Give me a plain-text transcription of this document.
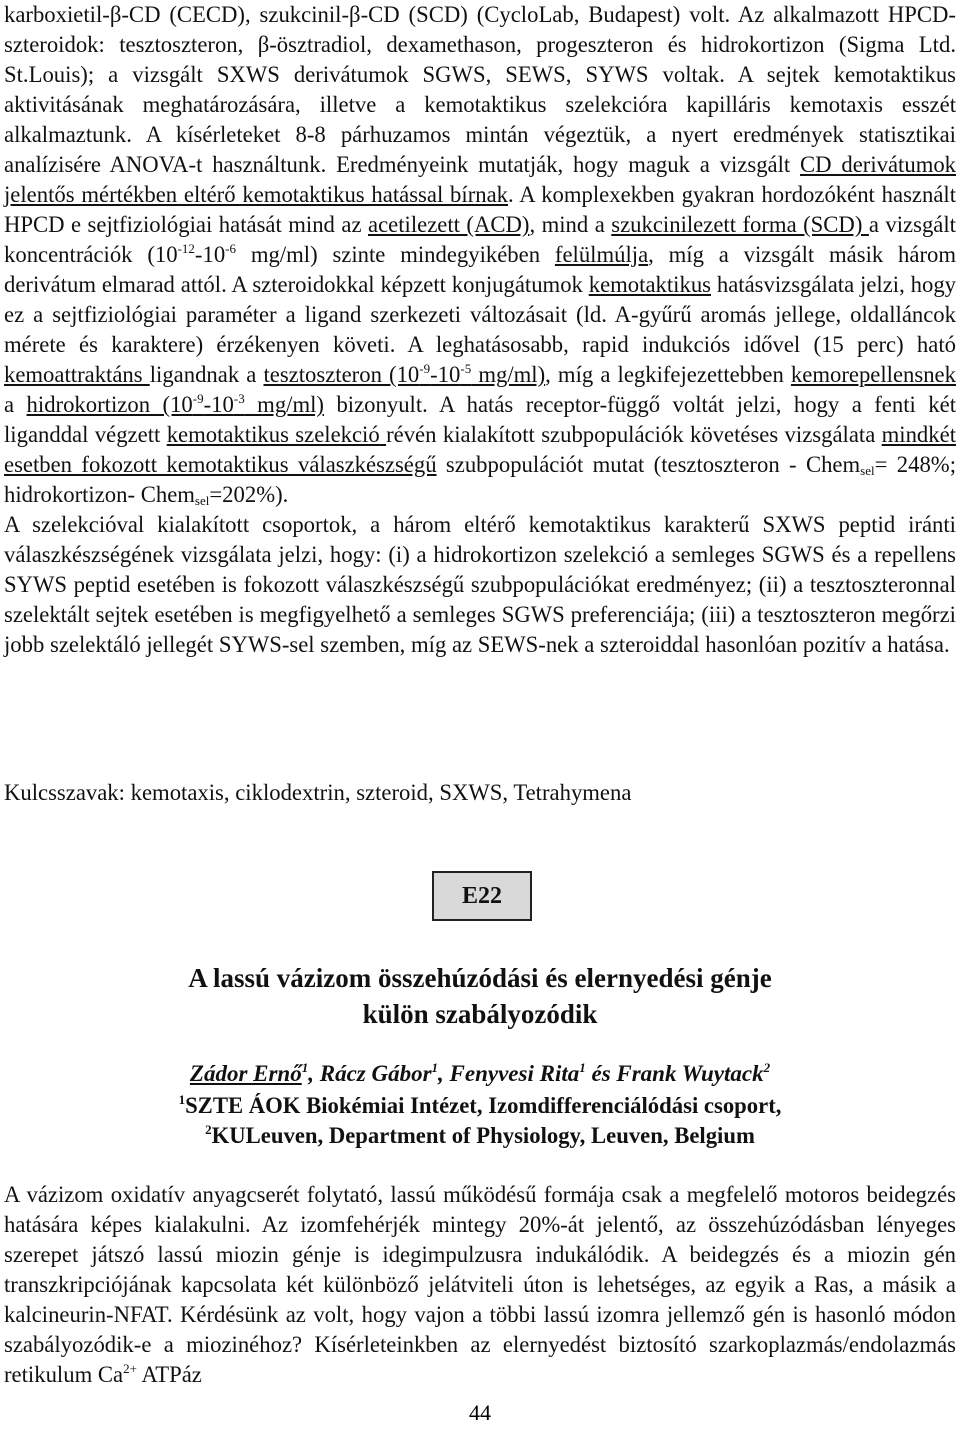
karboxietil-β-CD (CECD), szukcinil-β-CD (SCD) (CycloLab, Budapest) volt. Az alkalmazott HPCD-szteroidok: tesztoszteron, β-ösztradiol, dexamethason, progeszteron és hidrokortizon (Sigma Ltd. St.Louis); a vizsgált SXWS derivátumok SGWS, SEWS, SYWS voltak. A sejtek kemotaktikus aktivitásának meghatározására, illetve a kemotaktikus szelekcióra kapilláris kemotaxis esszét alkalmaztunk. A kísérleteket 8-8 párhuzamos mintán végeztük, a nyert eredmények statisztikai analízisére ANOVA-t használtunk. Eredményeink mutatják, hogy maguk a vizsgált CD derivátumok jelentős mértékben eltérő kemotaktikus hatással bírnak. A komplexekben gyakran hordozóként használt HPCD e sejtfiziológiai hatását mind az acetilezett (ACD), mind a szukcinilezett forma (SCD) a vizsgált koncentrációk ($10^{-12}-10^{-6}$ mg/ml) szinte mindegyikében felülmúlja, míg a vizsgált másik három derivátum elmarad attól. A szteroidokkal képzett konjugátumok kemotaktikus hatásvizsgálata jelzi, hogy ez a sejtfiziológiai paraméter a ligand szerkezeti változásait (ld. A-gyűrű aromás jellege, oldalláncok mérete és karaktere) érzékenyen követi. A leghatásosabb, rapid indukciós idővel (15 perc) ható kemoattraktáns ligandnak a tesztoszteron ($10^{-9}-10^{-5}$ mg/ml), míg a legkifejezettebben kemorepellensnek a hidrokortizon ($10^{-9}-10^{-3}$ mg/ml) bizonyult. A hatás receptor-függő voltát jelzi, hogy a fenti két liganddal végzett kemotaktikus szelekció révén kialakított szubpopulációk követéses vizsgálata mindkét esetben fokozott kemotaktikus válaszkészségű szubpopulációt mutat (tesztoszteron - Chem$_{sel}$= 248%; hidrokortizon- Chem$_{sel}$=202%).

A szelekcióval kialakított csoportok, a három eltérő kemotaktikus karakterű SXWS peptid iránti válaszkészségének vizsgálata jelzi, hogy: (i) a hidrokortizon szelekció a semleges SGWS és a repellens SYWS peptid esetében is fokozott válaszkészségű szubpopulációkat eredményez; (ii) a tesztoszteronnal szelektált sejtek esetében is megfigyelhető a semleges SGWS preferenciája; (iii) a tesztoszteron megőrzi jobb szelektáló jellegét SYWS-sel szemben, míg az SEWS-nek a szteroiddal hasonlóan pozitív a hatása.

Kulcsszavak: kemotaxis, ciklodextrin, szteroid, SXWS, Tetrahymena
E22
A lassú vázizom összehúzódási és elernyedési génje
külön szabályozódik
Zádor Ernő$^1$, Rácz Gábor$^1$, Fenyvesi Rita$^1$ és Frank Wuytack$^2$
$^1$SZTE ÁOK Biokémiai Intézet, Izomdifferenciálódási csoport,
$^2$KULeuven, Department of Physiology, Leuven, Belgium

A vázizom oxidatív anyagcserét folytató, lassú működésű formája csak a megfelelő motoros beidegzés hatására képes kialakulni. Az izomfehérjék mintegy 20%-át jelentő, az összehúzódásban lényeges szerepet játszó lassú miozin génje is idegimpulzusra indukálódik. A beidegzés és a miozin gén transzkripciójának kapcsolata két különböző jelátviteli úton is lehetséges, az egyik a Ras, a másik a kalcineurin-NFAT. Kérdésünk az volt, hogy vajon a többi lassú izomra jellemző gén is hasonló módon szabályozódik-e a miozinéhoz? Kísérleteinkben az elernyedést biztosító szarkoplazmás/endolazmás retikulum $Ca^{2+}$ ATPáz

44
